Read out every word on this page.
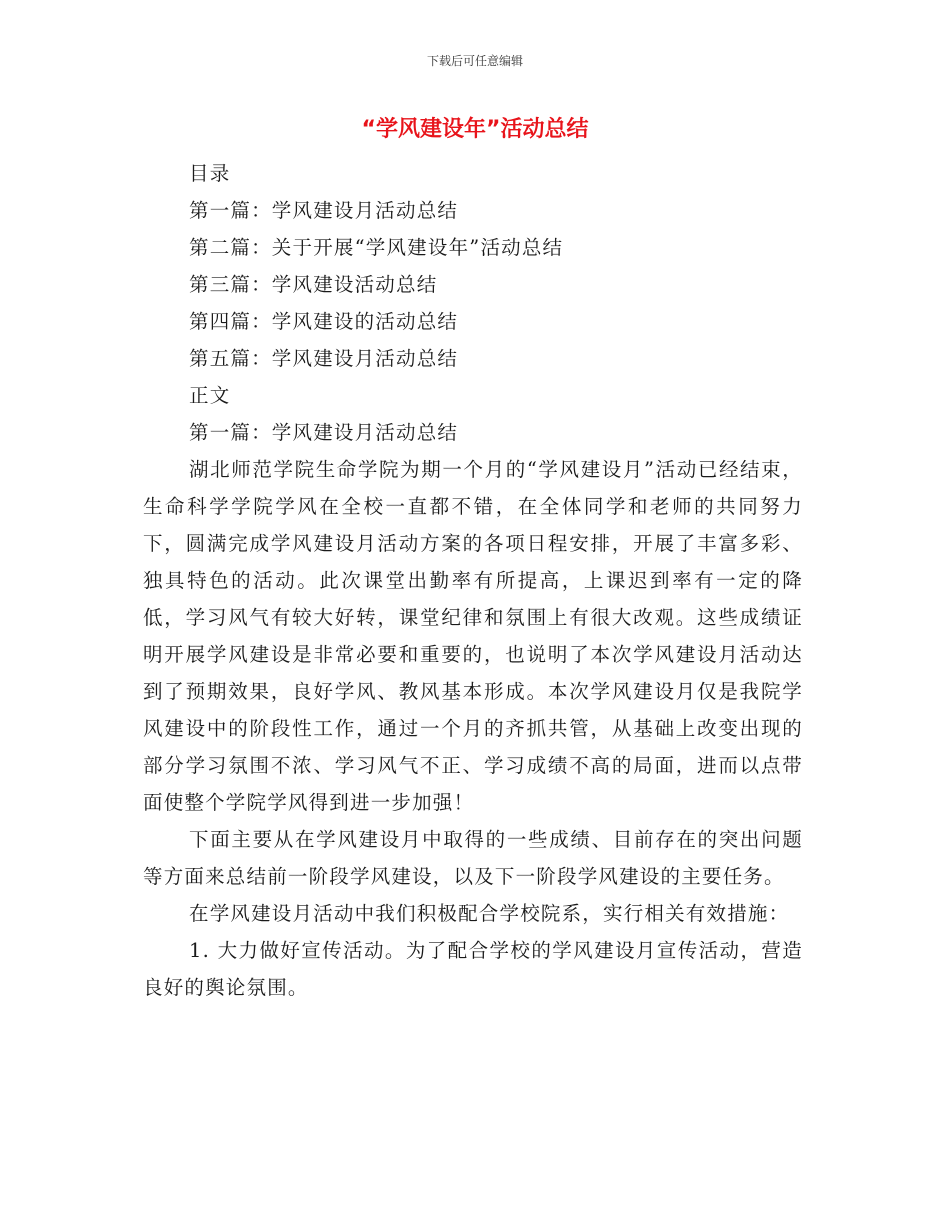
下载后可任意编辑
“学风建设年”活动总结
目录
第一篇：学风建设月活动总结
第二篇：关于开展“学风建设年”活动总结
第三篇：学风建设活动总结
第四篇：学风建设的活动总结
第五篇：学风建设月活动总结
正文
第一篇：学风建设月活动总结

湖北师范学院生命学院为期一个月的“学风建设月”活动已经结束，生命科学学院学风在全校一直都不错，在全体同学和老师的共同努力下，圆满完成学风建设月活动方案的各项日程安排，开展了丰富多彩、独具特色的活动。此次课堂出勤率有所提高，上课迟到率有一定的降低，学习风气有较大好转，课堂纪律和氛围上有很大改观。这些成绩证明开展学风建设是非常必要和重要的，也说明了本次学风建设月活动达到了预期效果，良好学风、教风基本形成。本次学风建设月仅是我院学风建设中的阶段性工作，通过一个月的齐抓共管，从基础上改变出现的部分学习氛围不浓、学习风气不正、学习成绩不高的局面，进而以点带面使整个学院学风得到进一步加强！

下面主要从在学风建设月中取得的一些成绩、目前存在的突出问题等方面来总结前一阶段学风建设，以及下一阶段学风建设的主要任务。

在学风建设月活动中我们积极配合学校院系，实行相关有效措施：

1. 大力做好宣传活动。为了配合学校的学风建设月宣传活动，营造良好的舆论氛围。
